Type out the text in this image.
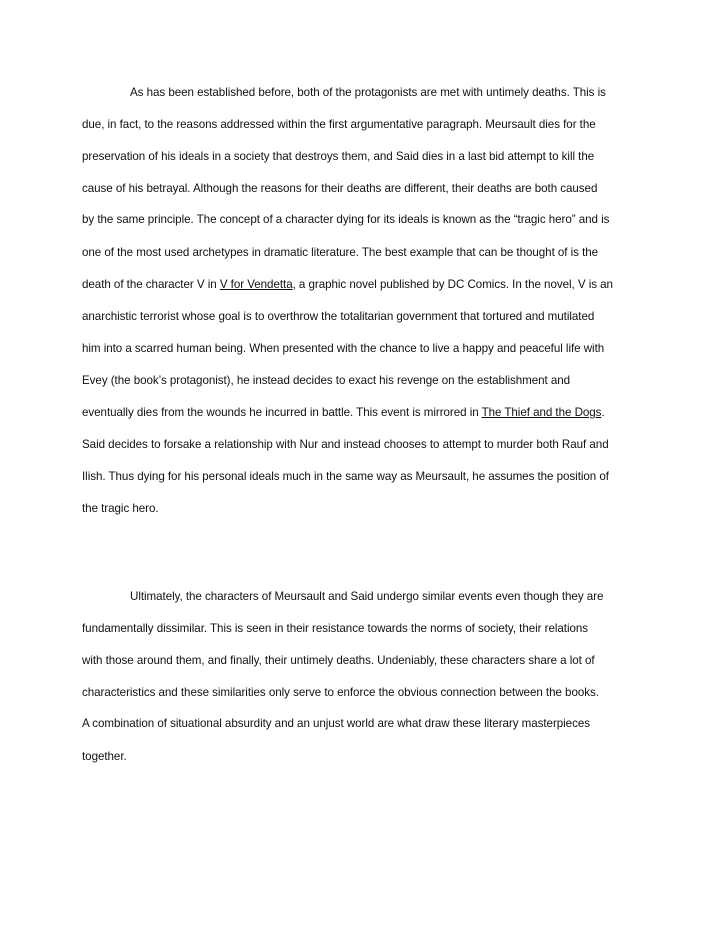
As has been established before, both of the protagonists are met with untimely deaths. This is
due, in fact, to the reasons addressed within the first argumentative paragraph. Meursault dies for the
preservation of his ideals in a society that destroys them, and Said dies in a last bid attempt to kill the
cause of his betrayal. Although the reasons for their deaths are different, their deaths are both caused
by the same principle. The concept of a character dying for its ideals is known as the “tragic hero” and is
one of the most used archetypes in dramatic literature. The best example that can be thought of is the
death of the character V in V for Vendetta, a graphic novel published by DC Comics. In the novel, V is an
anarchistic terrorist whose goal is to overthrow the totalitarian government that tortured and mutilated
him into a scarred human being. When presented with the chance to live a happy and peaceful life with
Evey (the book’s protagonist), he instead decides to exact his revenge on the establishment and
eventually dies from the wounds he incurred in battle. This event is mirrored in The Thief and the Dogs.
Said decides to forsake a relationship with Nur and instead chooses to attempt to murder both Rauf and
Ilish. Thus dying for his personal ideals much in the same way as Meursault, he assumes the position of
the tragic hero.
Ultimately, the characters of Meursault and Said undergo similar events even though they are
fundamentally dissimilar. This is seen in their resistance towards the norms of society, their relations
with those around them, and finally, their untimely deaths. Undeniably, these characters share a lot of
characteristics and these similarities only serve to enforce the obvious connection between the books.
A combination of situational absurdity and an unjust world are what draw these literary masterpieces
together.
